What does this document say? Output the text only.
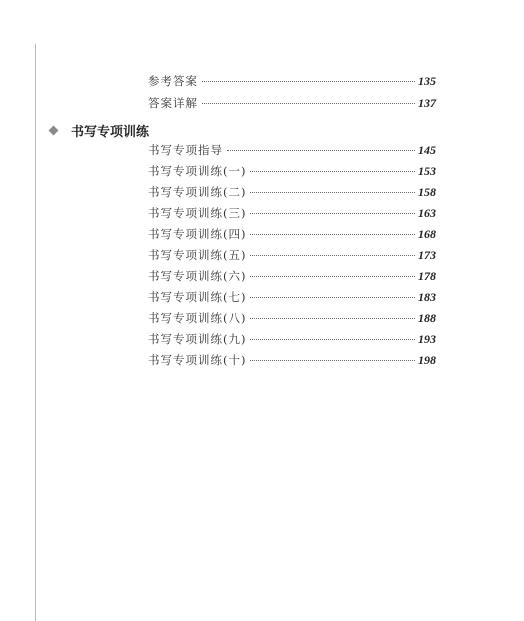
参考答案	135
答案详解	137
书写专项训练
书写专项指导	145
书写专项训练(一)	153
书写专项训练(二)	158
书写专项训练(三)	163
书写专项训练(四)	168
书写专项训练(五)	173
书写专项训练(六)	178
书写专项训练(七)	183
书写专项训练(八)	188
书写专项训练(九)	193
书写专项训练(十)	198
